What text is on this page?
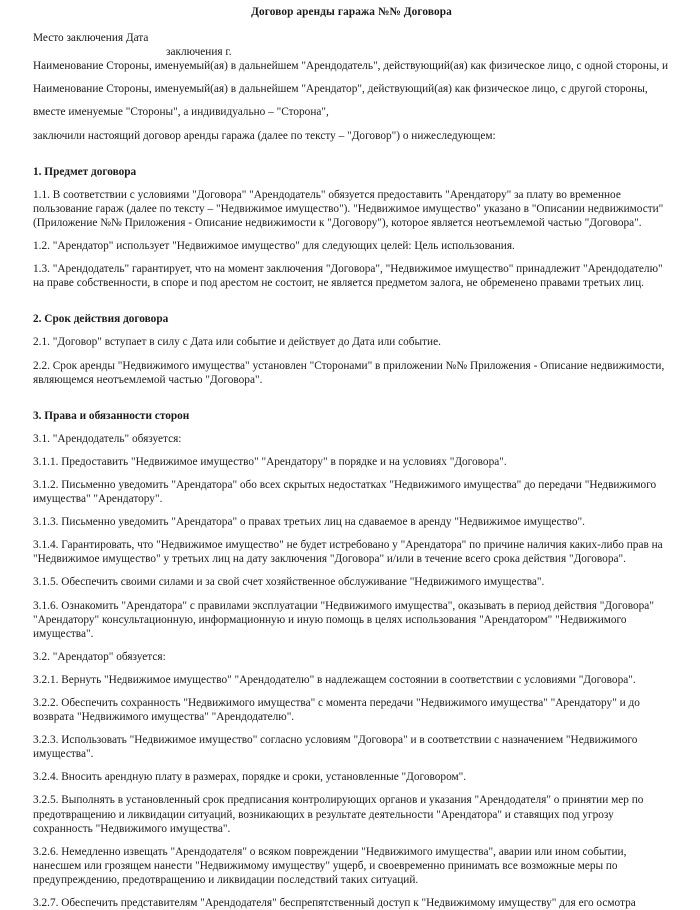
Договор аренды гаража №№ Договора

Место заключения Дата

заключения г.

Наименование Стороны, именуемый(ая) в дальнейшем "Арендодатель", действующий(ая) как физическое лицо, с одной стороны, и

Наименование Стороны, именуемый(ая) в дальнейшем "Арендатор", действующий(ая) как физическое лицо, с другой стороны,

вместе именуемые "Стороны", а индивидуально – "Сторона",

заключили настоящий договор аренды гаража (далее по тексту – "Договор") о нижеследующем:

1. Предмет договора

1.1. В соответствии с условиями "Договора" "Арендодатель" обязуется предоставить "Арендатору" за плату во временное пользование гараж (далее по тексту – "Недвижимое имущество"). "Недвижимое имущество" указано в "Описании недвижимости" (Приложение №№ Приложения - Описание недвижимости к "Договору"), которое является неотъемлемой частью "Договора".

1.2. "Арендатор" использует "Недвижимое имущество" для следующих целей: Цель использования.

1.3. "Арендодатель" гарантирует, что на момент заключения "Договора", "Недвижимое имущество" принадлежит "Арендодателю" на праве собственности, в споре и под арестом не состоит, не является предметом залога, не обременено правами третьих лиц.

2. Срок действия договора

2.1. "Договор" вступает в силу с Дата или событие и действует до Дата или событие.

2.2. Срок аренды "Недвижимого имущества" установлен "Сторонами" в приложении №№ Приложения - Описание недвижимости, являющемся неотъемлемой частью "Договора".

3. Права и обязанности сторон

3.1. "Арендодатель" обязуется:

3.1.1. Предоставить "Недвижимое имущество" "Арендатору" в порядке и на условиях "Договора".

3.1.2. Письменно уведомить "Арендатора" обо всех скрытых недостатках "Недвижимого имущества" до передачи "Недвижимого имущества" "Арендатору".

3.1.3. Письменно уведомить "Арендатора" о правах третьих лиц на сдаваемое в аренду "Недвижимое имущество".

3.1.4. Гарантировать, что "Недвижимое имущество" не будет истребовано у "Арендатора" по причине наличия каких-либо прав на "Недвижимое имущество" у третьих лиц на дату заключения "Договора" и/или в течение всего срока действия "Договора".

3.1.5. Обеспечить своими силами и за свой счет хозяйственное обслуживание "Недвижимого имущества".

3.1.6. Ознакомить "Арендатора" с правилами эксплуатации "Недвижимого имущества", оказывать в период действия "Договора" "Арендатору" консультационную, информационную и иную помощь в целях использования "Арендатором" "Недвижимого имущества".

3.2. "Арендатор" обязуется:

3.2.1. Вернуть "Недвижимое имущество" "Арендодателю" в надлежащем состоянии в соответствии с условиями "Договора".

3.2.2. Обеспечить сохранность "Недвижимого имущества" с момента передачи "Недвижимого имущества" "Арендатору" и до возврата "Недвижимого имущества" "Арендодателю".

3.2.3. Использовать "Недвижимое имущество" согласно условиям "Договора" и в соответствии с назначением "Недвижимого имущества".

3.2.4. Вносить арендную плату в размерах, порядке и сроки, установленные "Договором".

3.2.5. Выполнять в установленный срок предписания контролирующих органов и указания "Арендодателя" о принятии мер по предотвращению и ликвидации ситуаций, возникающих в результате деятельности "Арендатора" и ставящих под угрозу сохранность "Недвижимого имущества".

3.2.6. Немедленно извещать "Арендодателя" о всяком повреждении "Недвижимого имущества", аварии или ином событии, нанесшем или грозящем нанести "Недвижимому имуществу" ущерб, и своевременно принимать все возможные меры по предупреждению, предотвращению и ликвидации последствий таких ситуаций.

3.2.7. Обеспечить представителям "Арендодателя" беспрепятственный доступ к "Недвижимому имуществу" для его осмотра
